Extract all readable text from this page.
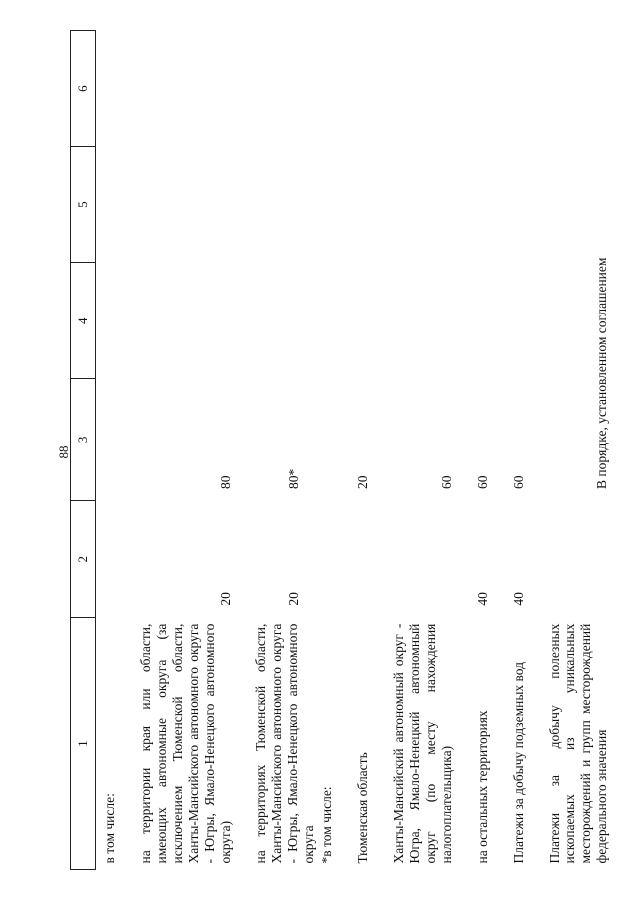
88
1	2	3	4	5	6
в том числе:					

на территории края или области, имеющих автономные округа (за исключением Тюменской области, Ханты-Мансийского автономного округа - Югры, Ямало-Ненецкого автономного округа)	20	80			

на территориях Тюменской области, Ханты-Мансийского автономного округа - Югры, Ямало-Ненецкого автономного округа *в том числе:	20	80*			

Тюменская область		20			

Ханты-Мансийский автономный округ - Югра, Ямало-Ненецкий автономный округ (по месту нахождения налогоплательщика)		60			

на остальных территориях	40	60			

Платежи за добычу подземных вод	40	60			

Платежи за добычу полезных ископаемых из уникальных месторождений и групп месторождений федерального значения		В порядке, установленном соглашением			
